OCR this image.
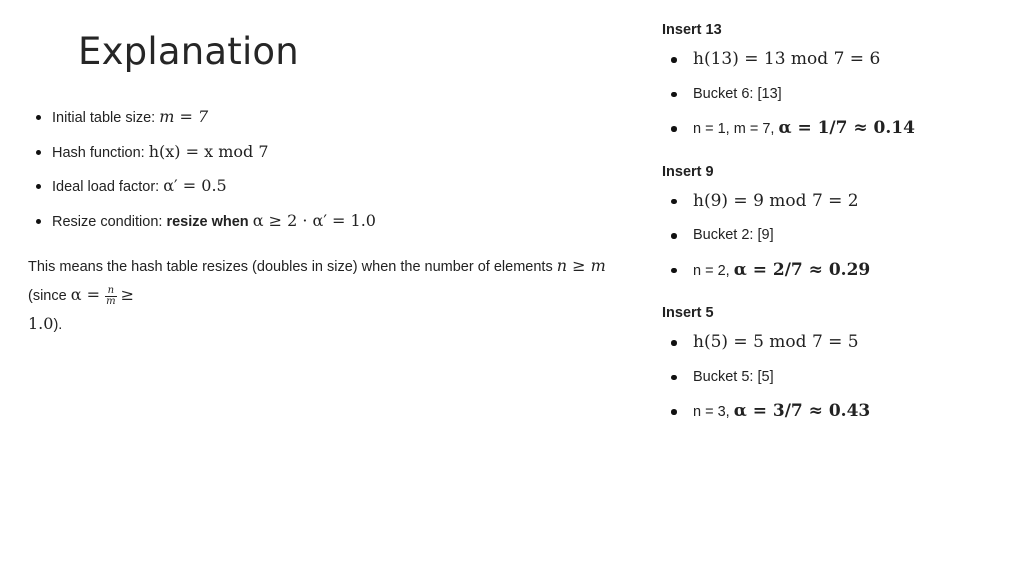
Explanation
Initial table size: m = 7
Hash function: h(x) = x mod 7
Ideal load factor: α′ = 0.5
Resize condition: resize when α ≥ 2 · α′ = 1.0
This means the hash table resizes (doubles in size) when the number of elements n ≥ m (since $\alpha = \frac{n}{m}$ ≥
1.0).
Insert 13
h(13) = 13 mod 7 = 6
Bucket 6: [13]
n = 1, m = 7, α = 1/7 ≈ 0.14
Insert 9
h(9) = 9 mod 7 = 2
Bucket 2: [9]
n = 2, α = 2/7 ≈ 0.29
Insert 5
h(5) = 5 mod 7 = 5
Bucket 5: [5]
n = 3, α = 3/7 ≈ 0.43
